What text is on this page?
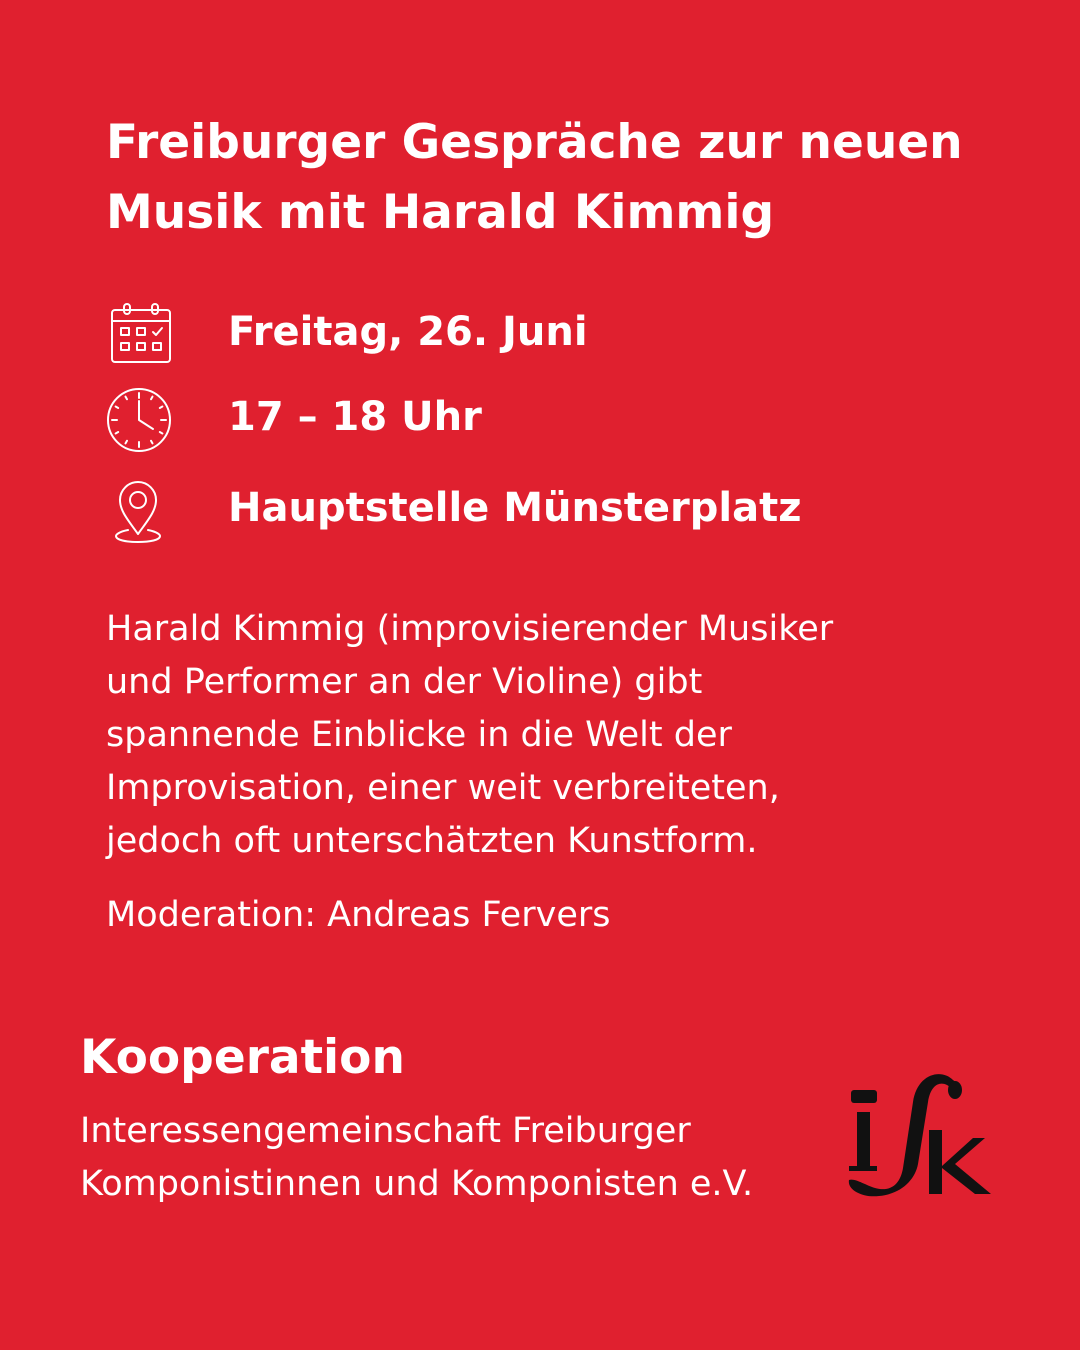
Freiburger Gespräche zur neuen
Musik mit Harald Kimmig
Freitag, 26. Juni
17 – 18 Uhr
Hauptstelle Münsterplatz
Harald Kimmig (improvisierender Musiker
und Performer an der Violine) gibt
spannende Einblicke in die Welt der
Improvisation, einer weit verbreiteten,
jedoch oft unterschätzten Kunstform.
Moderation: Andreas Fervers
Kooperation
Interessengemeinschaft Freiburger
Komponistinnen und Komponisten e.V.
